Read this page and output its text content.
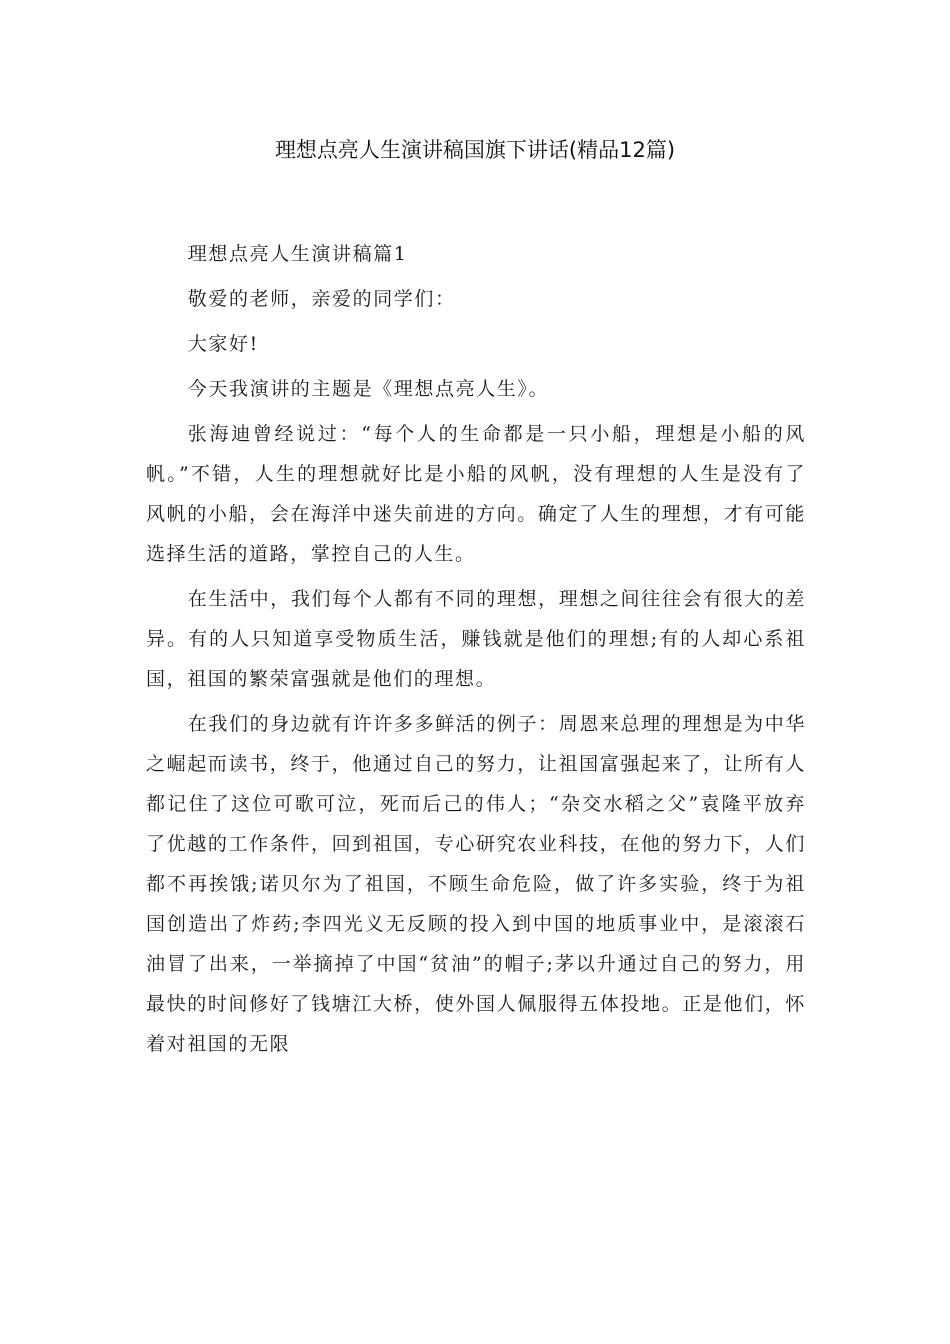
理想点亮人生演讲稿国旗下讲话(精品12篇)

理想点亮人生演讲稿篇1

敬爱的老师，亲爱的同学们：

大家好!

今天我演讲的主题是《理想点亮人生》。

张海迪曾经说过：“每个人的生命都是一只小船，理想是小船的风帆。”不错，人生的理想就好比是小船的风帆，没有理想的人生是没有了风帆的小船，会在海洋中迷失前进的方向。确定了人生的理想，才有可能选择生活的道路，掌控自己的人生。

在生活中，我们每个人都有不同的理想，理想之间往往会有很大的差异。有的人只知道享受物质生活，赚钱就是他们的理想;有的人却心系祖国，祖国的繁荣富强就是他们的理想。

在我们的身边就有许许多多鲜活的例子：周恩来总理的理想是为中华之崛起而读书，终于，他通过自己的努力，让祖国富强起来了，让所有人都记住了这位可歌可泣，死而后己的伟人；“杂交水稻之父”袁隆平放弃了优越的工作条件，回到祖国，专心研究农业科技，在他的努力下，人们都不再挨饿;诺贝尔为了祖国，不顾生命危险，做了许多实验，终于为祖国创造出了炸药;李四光义无反顾的投入到中国的地质事业中，是滚滚石油冒了出来，一举摘掉了中国“贫油”的帽子;茅以升通过自己的努力，用最快的时间修好了钱塘江大桥，使外国人佩服得五体投地。正是他们，怀着对祖国的无限
